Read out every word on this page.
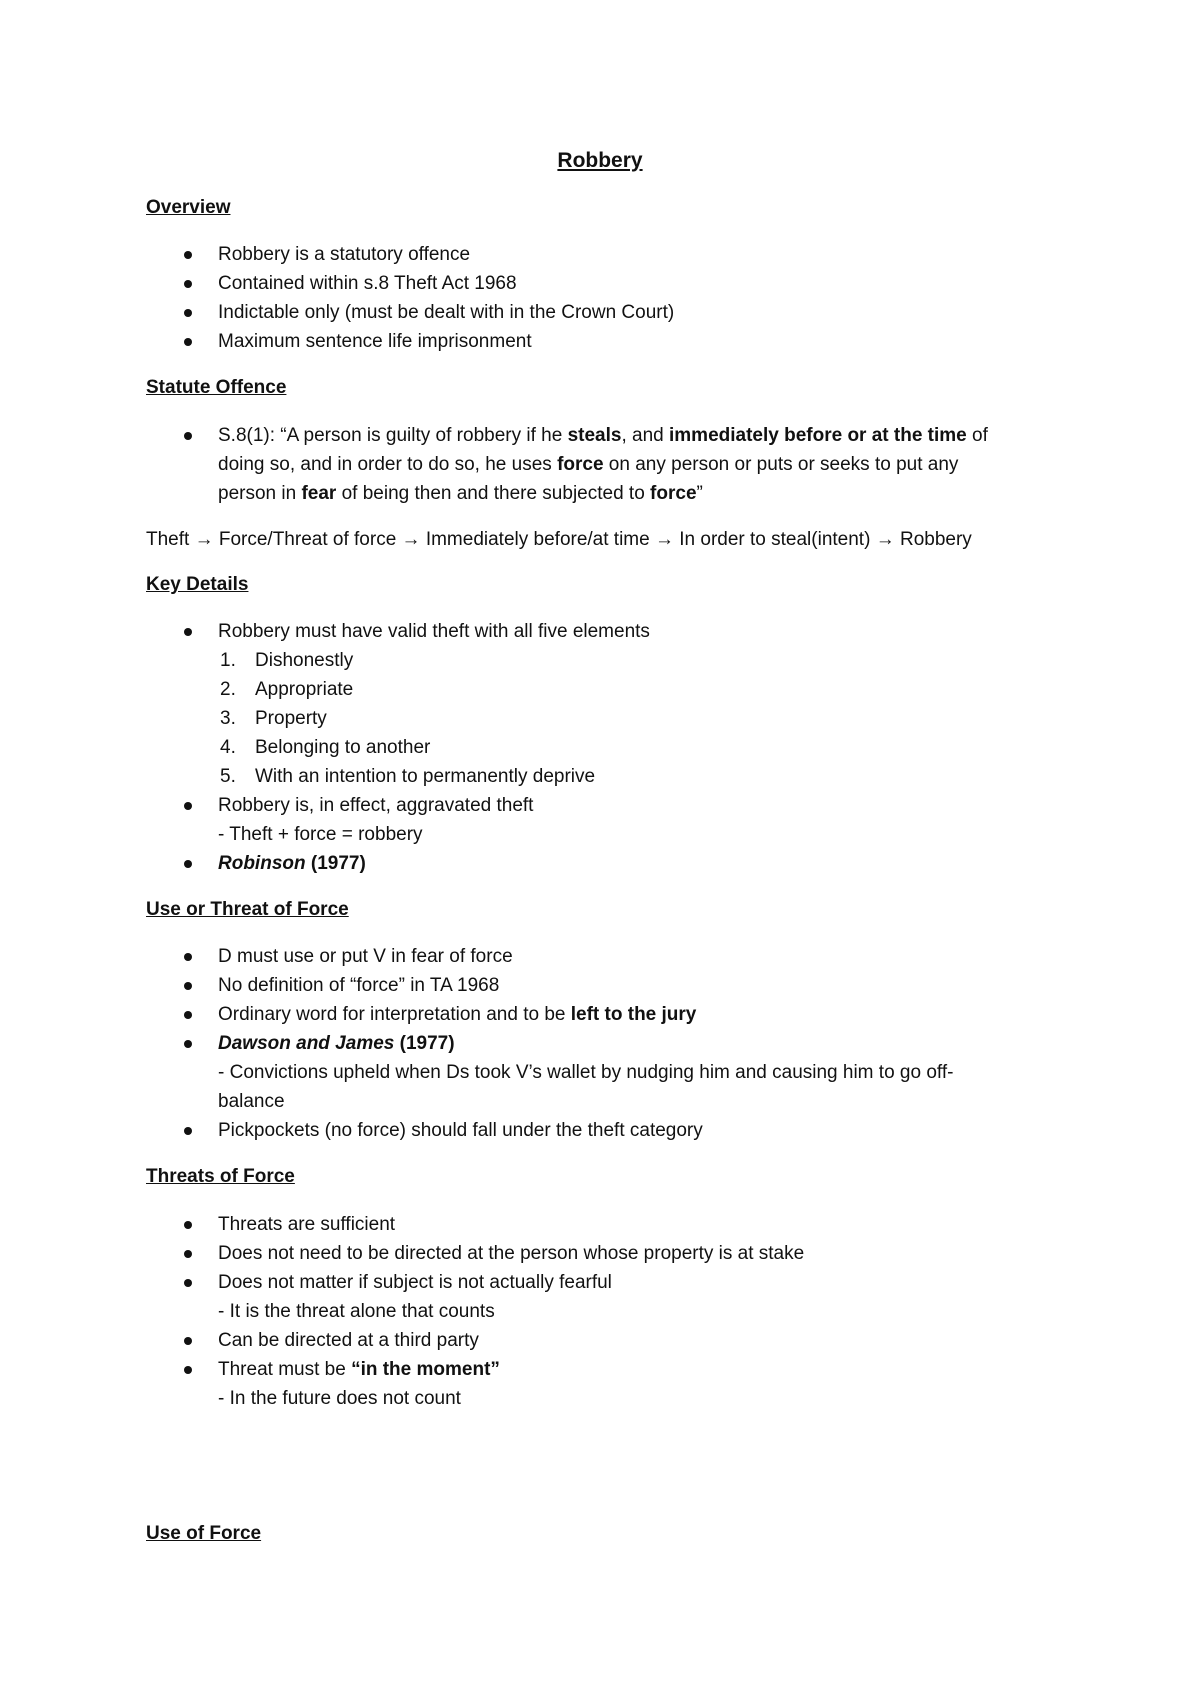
Robbery
Overview
Robbery is a statutory offence
Contained within s.8 Theft Act 1968
Indictable only (must be dealt with in the Crown Court)
Maximum sentence life imprisonment
Statute Offence
S.8(1): “A person is guilty of robbery if he steals, and immediately before or at the time of
doing so, and in order to do so, he uses force on any person or puts or seeks to put any
person in fear of being then and there subjected to force”
Theft → Force/Threat of force → Immediately before/at time → In order to steal(intent) → Robbery
Key Details
Robbery must have valid theft with all five elements
1. Dishonestly
2. Appropriate
3. Property
4. Belonging to another
5. With an intention to permanently deprive
Robbery is, in effect, aggravated theft
- Theft + force = robbery
Robinson (1977)
Use or Threat of Force
D must use or put V in fear of force
No definition of “force” in TA 1968
Ordinary word for interpretation and to be left to the jury
Dawson and James (1977)
- Convictions upheld when Ds took V’s wallet by nudging him and causing him to go off-
balance
Pickpockets (no force) should fall under the theft category
Threats of Force
Threats are sufficient
Does not need to be directed at the person whose property is at stake
Does not matter if subject is not actually fearful
- It is the threat alone that counts
Can be directed at a third party
Threat must be “in the moment”
- In the future does not count
Use of Force
